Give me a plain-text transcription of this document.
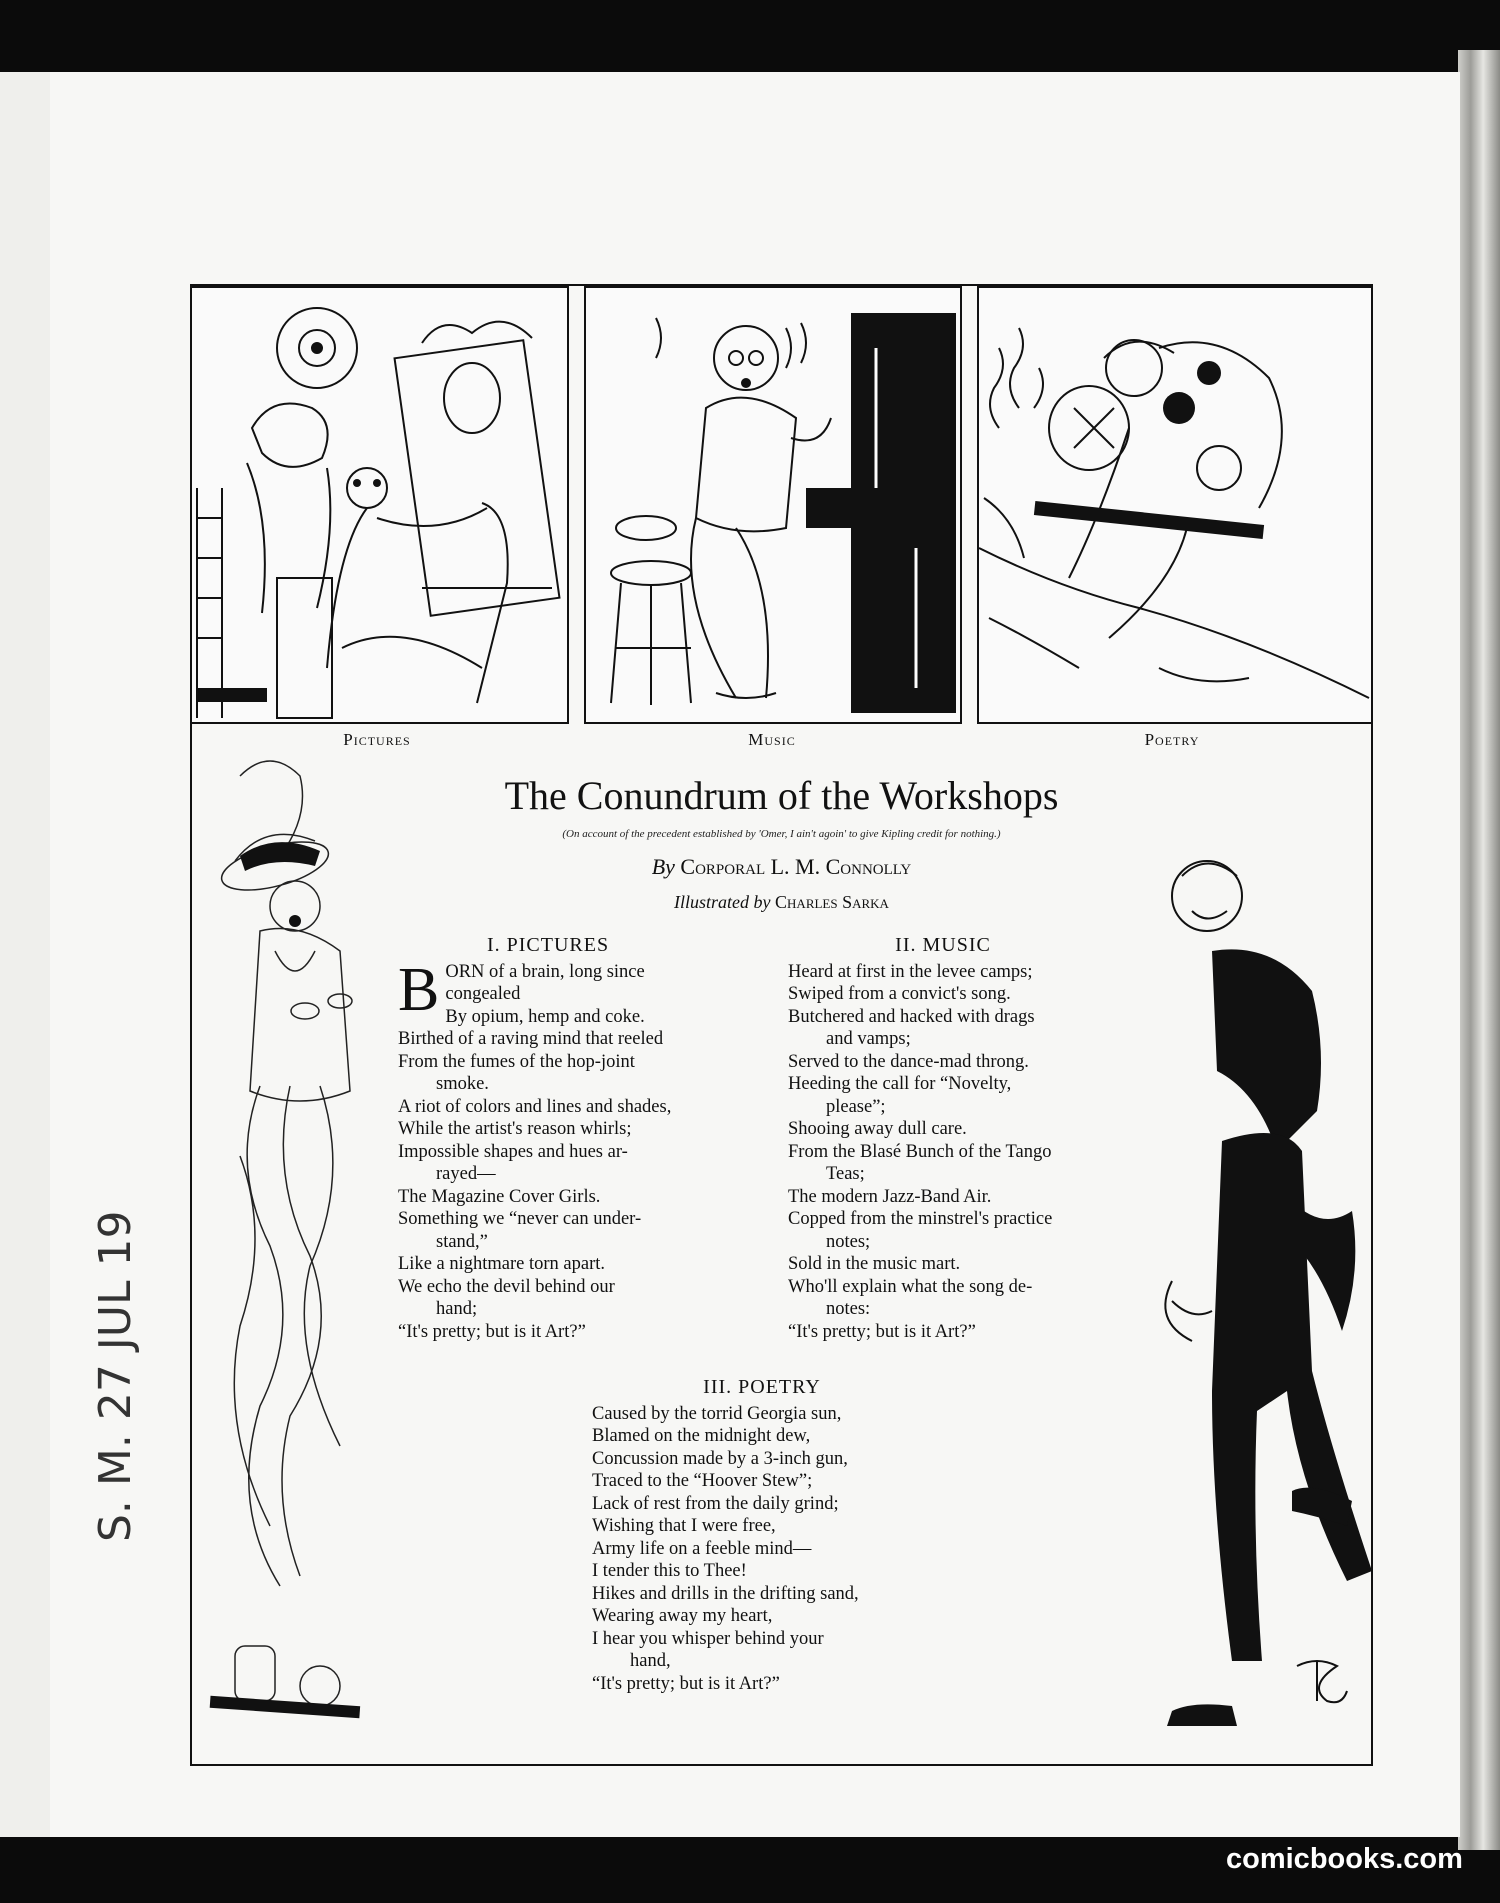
S. M. 27 JUL 19
Pictures	Music	Poetry
The Conundrum of the Workshops
(On account of the precedent established by 'Omer, I ain't agoin' to give Kipling credit for nothing.)
By Corporal L. M. Connolly
Illustrated by Charles Sarka
I. PICTURES
BORN of a brain, long since
congealed
By opium, hemp and coke.
Birthed of a raving mind that reeled
From the fumes of the hop-joint
smoke.
A riot of colors and lines and shades,
While the artist's reason whirls;
Impossible shapes and hues ar-
rayed—
The Magazine Cover Girls.
Something we “never can under-
stand,”
Like a nightmare torn apart.
We echo the devil behind our
hand;
“It's pretty; but is it Art?”
II. MUSIC
Heard at first in the levee camps;
Swiped from a convict's song.
Butchered and hacked with drags
and vamps;
Served to the dance-mad throng.
Heeding the call for “Novelty,
please”;
Shooing away dull care.
From the Blasé Bunch of the Tango
Teas;
The modern Jazz-Band Air.
Copped from the minstrel's practice
notes;
Sold in the music mart.
Who'll explain what the song de-
notes:
“It's pretty; but is it Art?”
III. POETRY
Caused by the torrid Georgia sun,
Blamed on the midnight dew,
Concussion made by a 3-inch gun,
Traced to the “Hoover Stew”;
Lack of rest from the daily grind;
Wishing that I were free,
Army life on a feeble mind—
I tender this to Thee!
Hikes and drills in the drifting sand,
Wearing away my heart,
I hear you whisper behind your
hand,
“It's pretty; but is it Art?”
comicbooks.com
